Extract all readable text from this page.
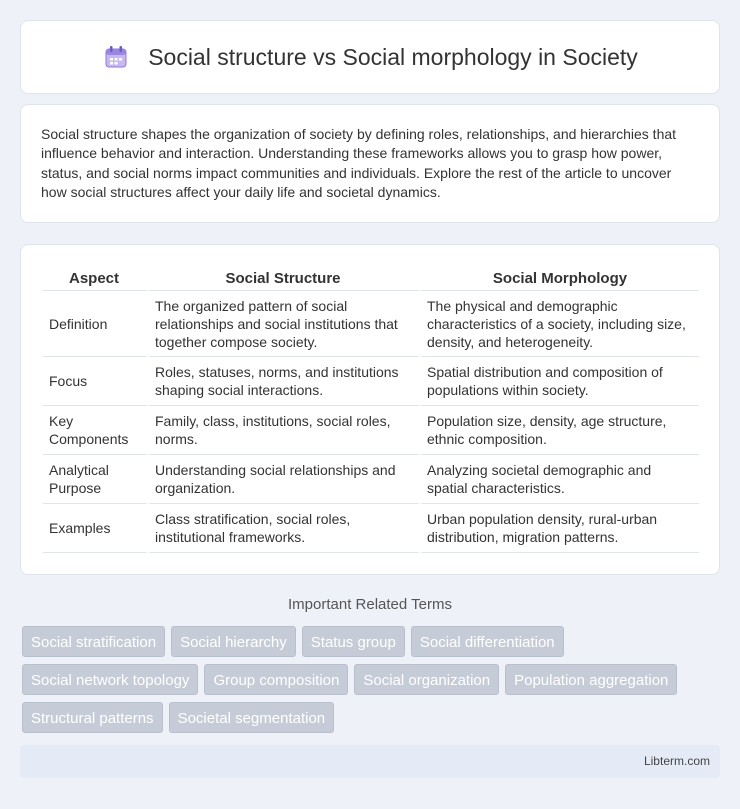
Social structure vs Social morphology in Society

Social structure shapes the organization of society by defining roles, relationships, and hierarchies that influence behavior and interaction. Understanding these frameworks allows you to grasp how power, status, and social norms impact communities and individuals. Explore the rest of the article to uncover how social structures affect your daily life and societal dynamics.

Aspect	Social Structure	Social Morphology
Definition	The organized pattern of social relationships and social institutions that together compose society.	The physical and demographic characteristics of a society, including size, density, and heterogeneity.
Focus	Roles, statuses, norms, and institutions shaping social interactions.	Spatial distribution and composition of populations within society.
Key Components	Family, class, institutions, social roles, norms.	Population size, density, age structure, ethnic composition.
Analytical Purpose	Understanding social relationships and organization.	Analyzing societal demographic and spatial characteristics.
Examples	Class stratification, social roles, institutional frameworks.	Urban population density, rural-urban distribution, migration patterns.
Important Related Terms
Social stratification	Social hierarchy	Status group	Social differentiation
Social network topology	Group composition	Social organization	Population aggregation
Structural patterns	Societal segmentation
Libterm.com
